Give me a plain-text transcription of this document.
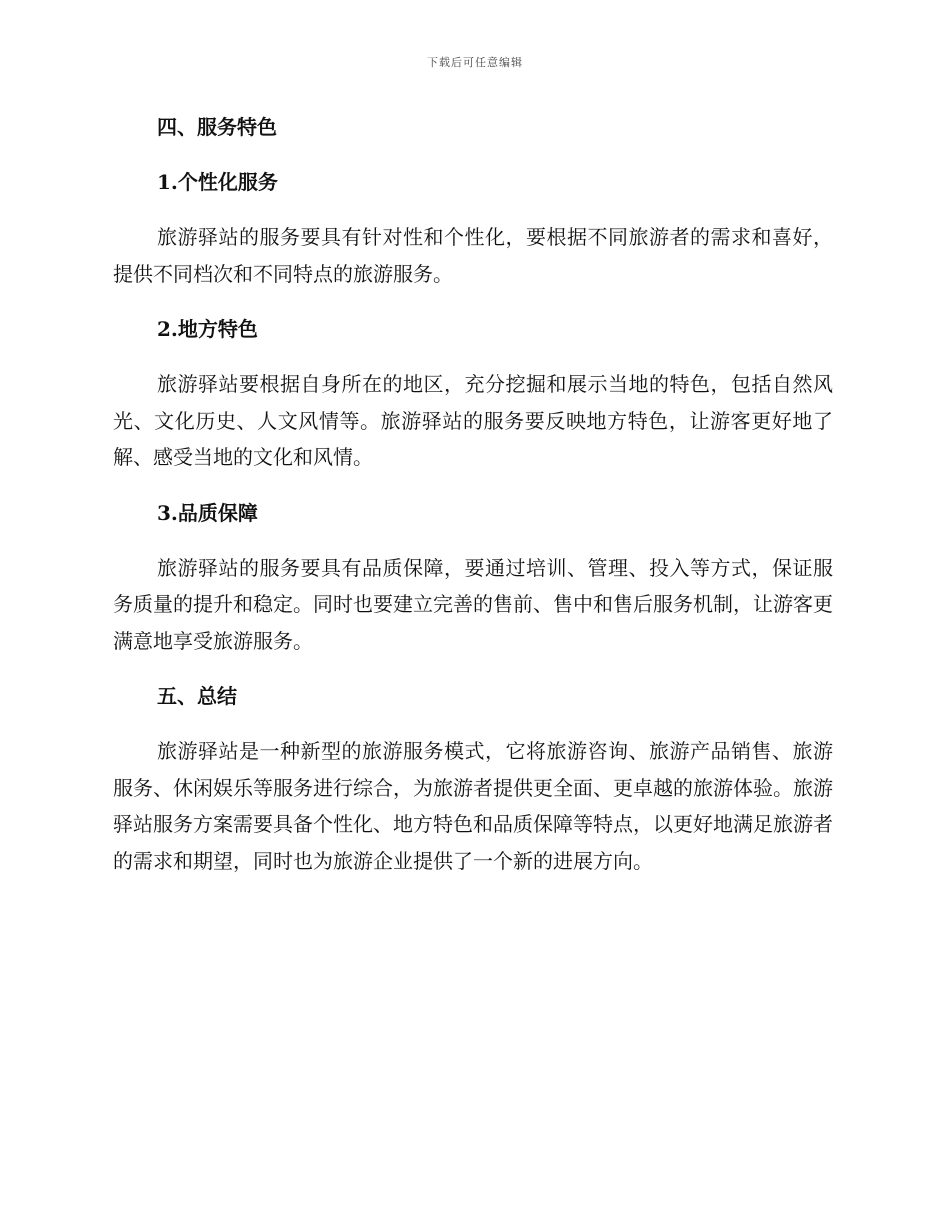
下载后可任意编辑
四、服务特色
1.个性化服务
旅游驿站的服务要具有针对性和个性化，要根据不同旅游者的需求和喜好，提供不同档次和不同特点的旅游服务。
2.地方特色
旅游驿站要根据自身所在的地区，充分挖掘和展示当地的特色，包括自然风光、文化历史、人文风情等。旅游驿站的服务要反映地方特色，让游客更好地了解、感受当地的文化和风情。
3.品质保障
旅游驿站的服务要具有品质保障，要通过培训、管理、投入等方式，保证服务质量的提升和稳定。同时也要建立完善的售前、售中和售后服务机制，让游客更满意地享受旅游服务。
五、总结
旅游驿站是一种新型的旅游服务模式，它将旅游咨询、旅游产品销售、旅游服务、休闲娱乐等服务进行综合，为旅游者提供更全面、更卓越的旅游体验。旅游驿站服务方案需要具备个性化、地方特色和品质保障等特点，以更好地满足旅游者的需求和期望，同时也为旅游企业提供了一个新的进展方向。
